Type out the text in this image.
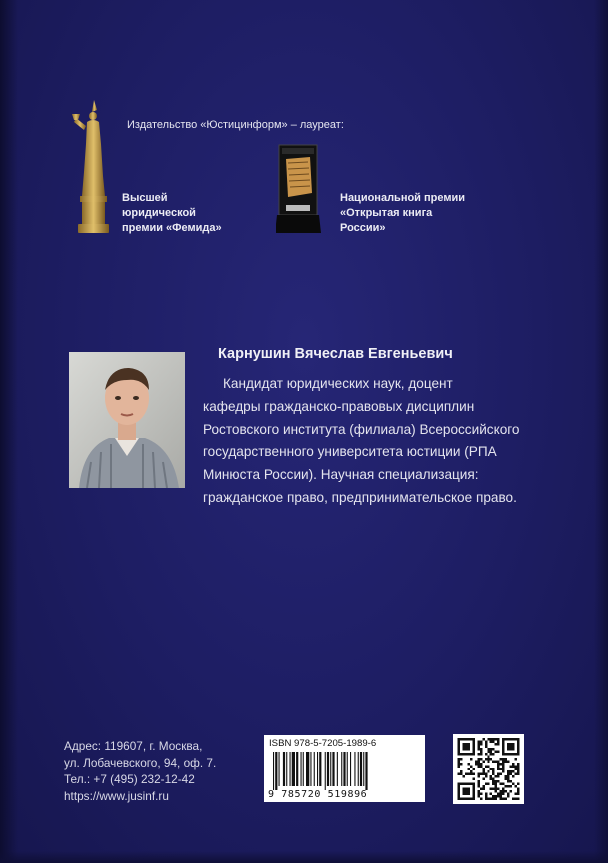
Издательство «Юстицинформ» – лауреат:
Высшей
юридической
премии «Фемида»
Национальной премии
«Открытая книга
России»
Карнушин Вячеслав Евгеньевич
Кандидат юридических наук, доцент
кафедры гражданско-правовых дисциплин
Ростовского института (филиала) Всероссийского
государственного университета юстиции (РПА
Минюста России). Научная специализация:
гражданское право, предпринимательское право.
Адрес: 119607, г. Москва,
ул. Лобачевского, 94, оф. 7.
Тел.: +7 (495) 232-12-42
https://www.jusinf.ru
ISBN 978-5-7205-1989-6
9 785720 519896
